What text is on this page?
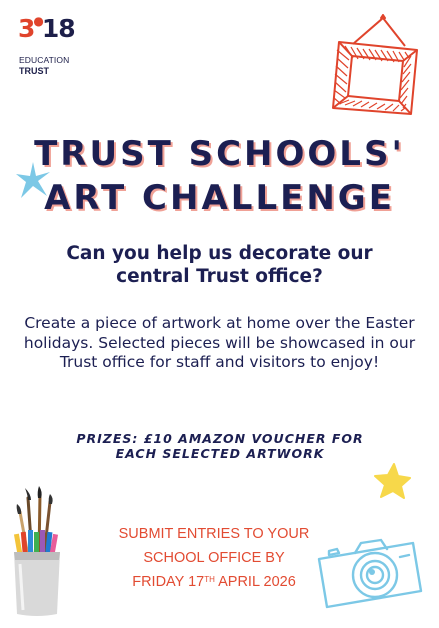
3●18
EDUCATION
TRUST
TRUST SCHOOLS'
ART CHALLENGE
Can you help us decorate our central Trust office?
Create a piece of artwork at home over the Easter holidays. Selected pieces will be showcased in our Trust office for staff and visitors to enjoy!
PRIZES: £10 AMAZON VOUCHER FOR
EACH SELECTED ARTWORK
SUBMIT ENTRIES TO YOUR
SCHOOL OFFICE BY
FRIDAY 17TH APRIL 2026
